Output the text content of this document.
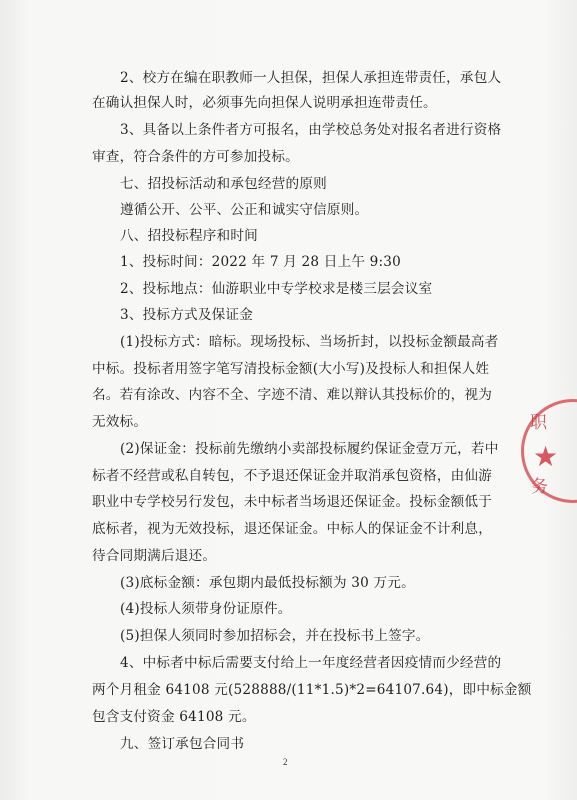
2、校方在编在职教师一人担保，担保人承担连带责任，承包人
在确认担保人时，必须事先向担保人说明承担连带责任。
3、具备以上条件者方可报名，由学校总务处对报名者进行资格
审查，符合条件的方可参加投标。
七、招投标活动和承包经营的原则
遵循公开、公平、公正和诚实守信原则。
八、招投标程序和时间
1、投标时间：2022 年 7 月 28 日上午 9:30
2、投标地点：仙游职业中专学校求是楼三层会议室
3、投标方式及保证金
(1)投标方式：暗标。现场投标、当场折封，以投标金额最高者
中标。投标者用签字笔写清投标金额(大小写)及投标人和担保人姓
名。若有涂改、内容不全、字迹不清、难以辩认其投标价的，视为
无效标。
(2)保证金：投标前先缴纳小卖部投标履约保证金壹万元，若中
标者不经营或私自转包，不予退还保证金并取消承包资格，由仙游
职业中专学校另行发包，未中标者当场退还保证金。投标金额低于
底标者，视为无效投标，退还保证金。中标人的保证金不计利息，
待合同期满后退还。
(3)底标金额：承包期内最低投标额为 30 万元。
(4)投标人须带身份证原件。
(5)担保人须同时参加招标会，并在投标书上签字。
4、中标者中标后需要支付给上一年度经营者因疫情而少经营的
两个月租金 64108 元(528888/(11*1.5)*2=64107.64)，即中标金额
包含支付资金 64108 元。
九、签订承包合同书
职
★
务
2
